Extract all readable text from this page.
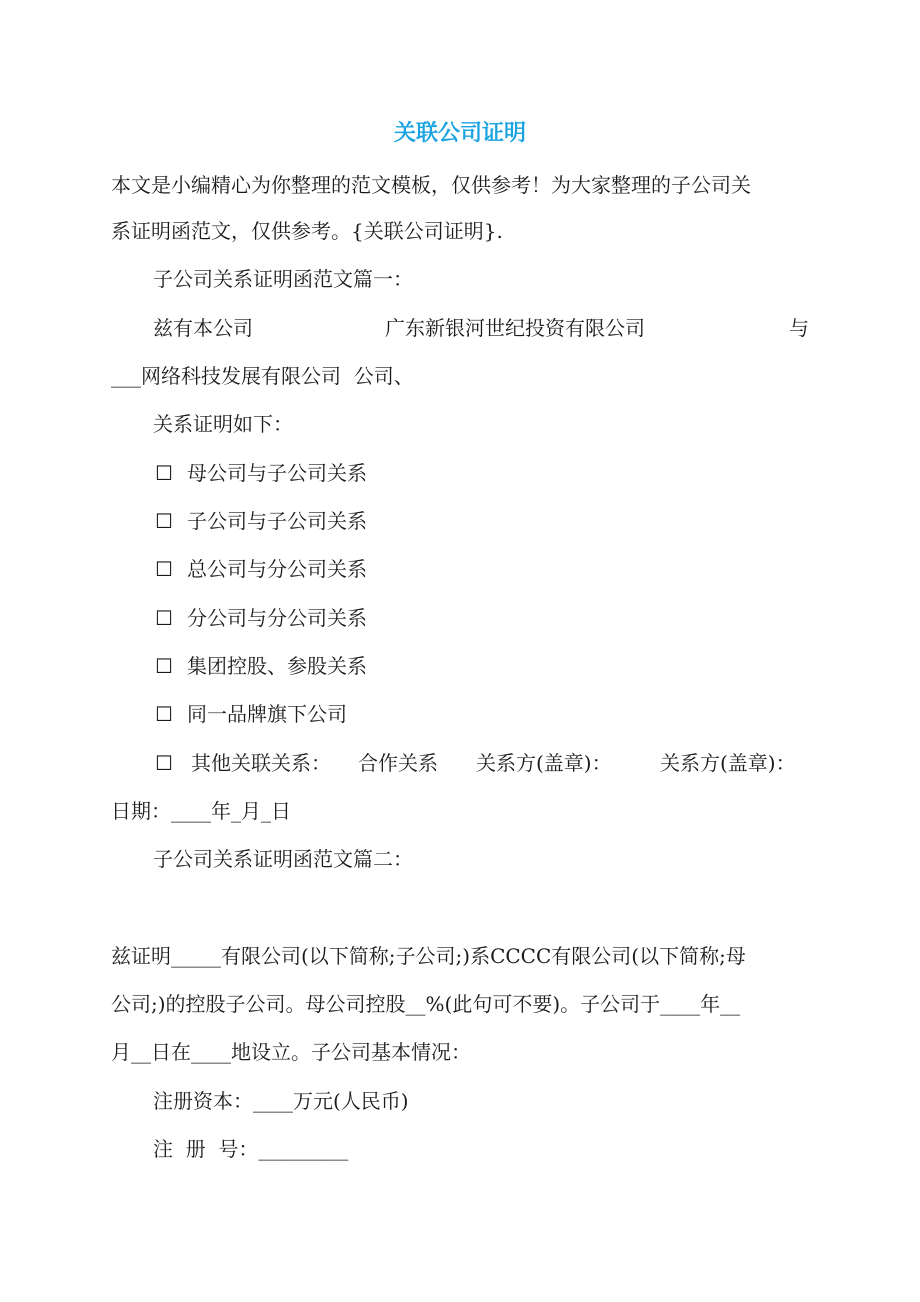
关联公司证明

本文是小编精心为你整理的范文模板，仅供参考！为大家整理的子公司关

系证明函范文，仅供参考。{关联公司证明}.

子公司关系证明函范文篇一：

兹有本公司

	广东新银河世纪投资有限公司

	与

___网络科技发展有限公司  公司、

关系证明如下：

☐

母公司与子公司关系

☐

子公司与子公司关系

☐

总公司与分公司关系

☐

分公司与分公司关系

☐

集团控股、参股关系

☐

同一品牌旗下公司

☐

其他关联关系：

合作关系

关系方(盖章)：

关系方(盖章)：

日期：____年_月_日

子公司关系证明函范文篇二：

兹证明_____有限公司(以下简称;子公司;)系CCCC有限公司(以下简称;母

公司;)的控股子公司。母公司控股__%(此句可不要)。子公司于____年__

月__日在____地设立。子公司基本情况：

注册资本：____万元(人民币)

注  册  号：_________
